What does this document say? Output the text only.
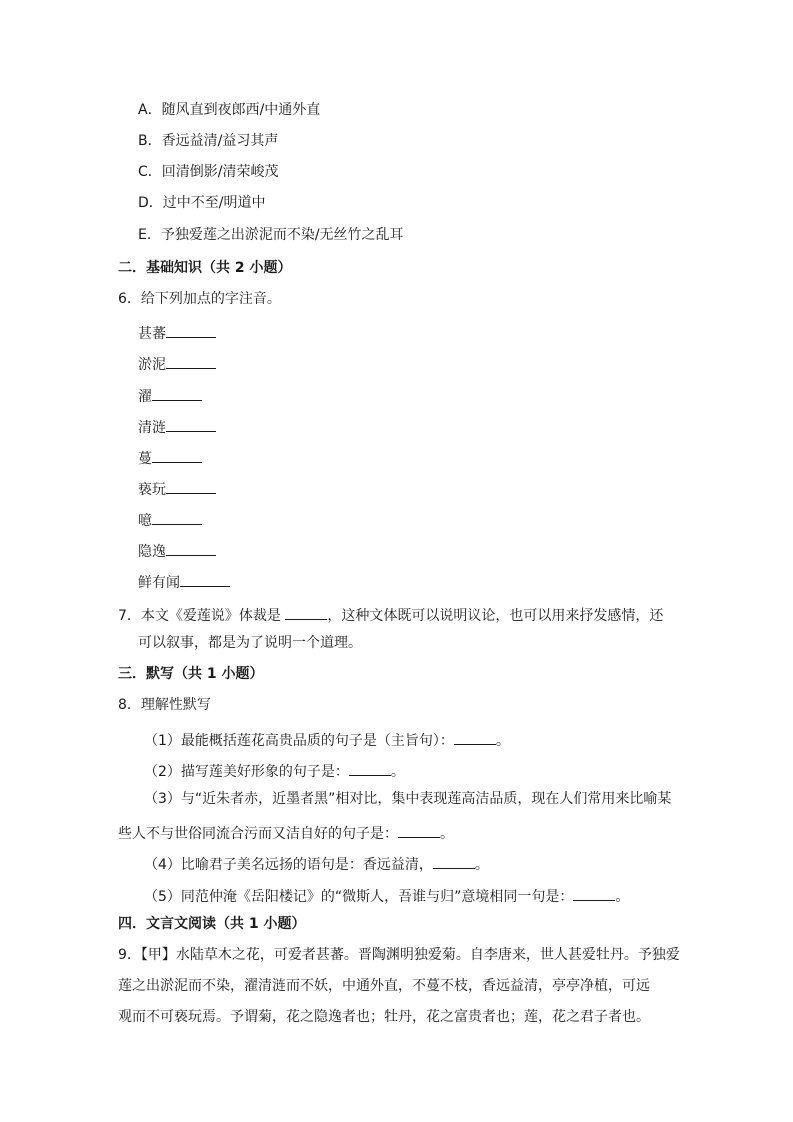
A．随风直到夜郎西/中通外直
B．香远益清/益习其声
C．回清倒影/清荣峻茂
D．过中不至/明道中
E．予独爱莲之出淤泥而不染/无丝竹之乱耳
二．基础知识（共 2 小题）
6．给下列加点的字注音。
甚蕃
淤泥
濯
清涟
蔓
亵玩
噫
隐逸
鲜有闻
7．本文《爱莲说》体裁是	，这种文体既可以说明议论，也可以用来抒发感情，还
可以叙事，都是为了说明一个道理。
三．默写（共 1 小题）
8．理解性默写
（1）最能概括莲花高贵品质的句子是（主旨句）：	。
（2）描写莲美好形象的句子是：	。
（3）与“近朱者赤，近墨者黑”相对比，集中表现莲高洁品质，现在人们常用来比喻某
些人不与世俗同流合污而又洁自好的句子是：	。
（4）比喻君子美名远扬的语句是：香远益清，	。
（5）同范仲淹《岳阳楼记》的“微斯人，吾谁与归”意境相同一句是：	。
四．文言文阅读（共 1 小题）
9．【甲】水陆草木之花，可爱者甚蕃。晋陶渊明独爱菊。自李唐来，世人甚爱牡丹。予独爱
莲之出淤泥而不染，濯清涟而不妖，中通外直，不蔓不枝，香远益清，亭亭净植，可远
观而不可亵玩焉。予谓菊，花之隐逸者也；牡丹，花之富贵者也；莲，花之君子者也。
